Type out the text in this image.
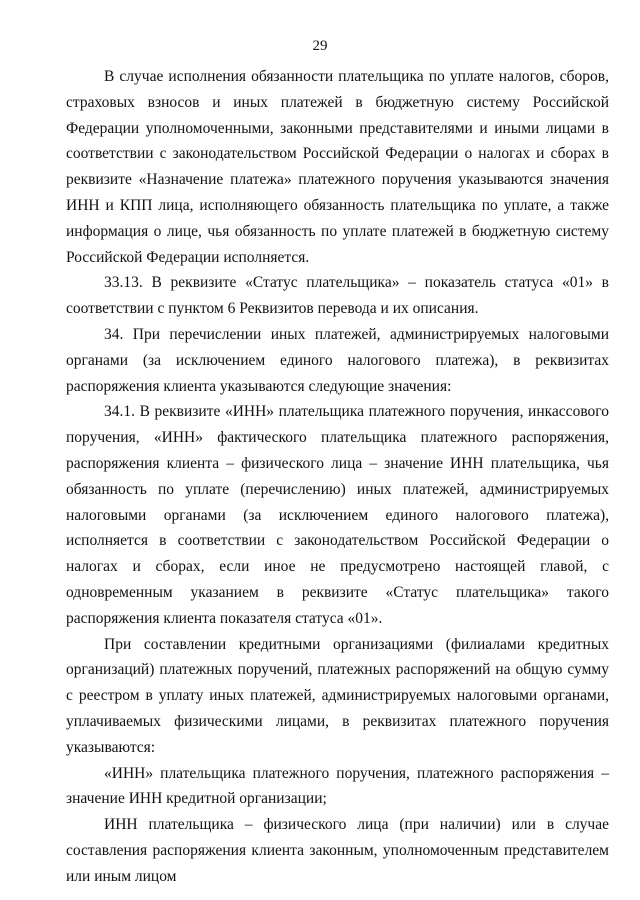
29

В случае исполнения обязанности плательщика по уплате налогов, сборов, страховых взносов и иных платежей в бюджетную систему Российской Федерации уполномоченными, законными представителями и иными лицами в соответствии с законодательством Российской Федерации о налогах и сборах в реквизите «Назначение платежа» платежного поручения указываются значения ИНН и КПП лица, исполняющего обязанность плательщика по уплате, а также информация о лице, чья обязанность по уплате платежей в бюджетную систему Российской Федерации исполняется.

33.13. В реквизите «Статус плательщика» – показатель статуса «01» в соответствии с пунктом 6 Реквизитов перевода и их описания.

34. При перечислении иных платежей, администрируемых налоговыми органами (за исключением единого налогового платежа), в реквизитах распоряжения клиента указываются следующие значения:

34.1. В реквизите «ИНН» плательщика платежного поручения, инкассового поручения, «ИНН» фактического плательщика платежного распоряжения, распоряжения клиента – физического лица – значение ИНН плательщика, чья обязанность по уплате (перечислению) иных платежей, администрируемых налоговыми органами (за исключением единого налогового платежа), исполняется в соответствии с законодательством Российской Федерации о налогах и сборах, если иное не предусмотрено настоящей главой, с одновременным указанием в реквизите «Статус плательщика» такого распоряжения клиента показателя статуса «01».

При составлении кредитными организациями (филиалами кредитных организаций) платежных поручений, платежных распоряжений на общую сумму с реестром в уплату иных платежей, администрируемых налоговыми органами, уплачиваемых физическими лицами, в реквизитах платежного поручения указываются:

«ИНН» плательщика платежного поручения, платежного распоряжения – значение ИНН кредитной организации;

ИНН плательщика – физического лица (при наличии) или в случае составления распоряжения клиента законным, уполномоченным представителем или иным лицом
